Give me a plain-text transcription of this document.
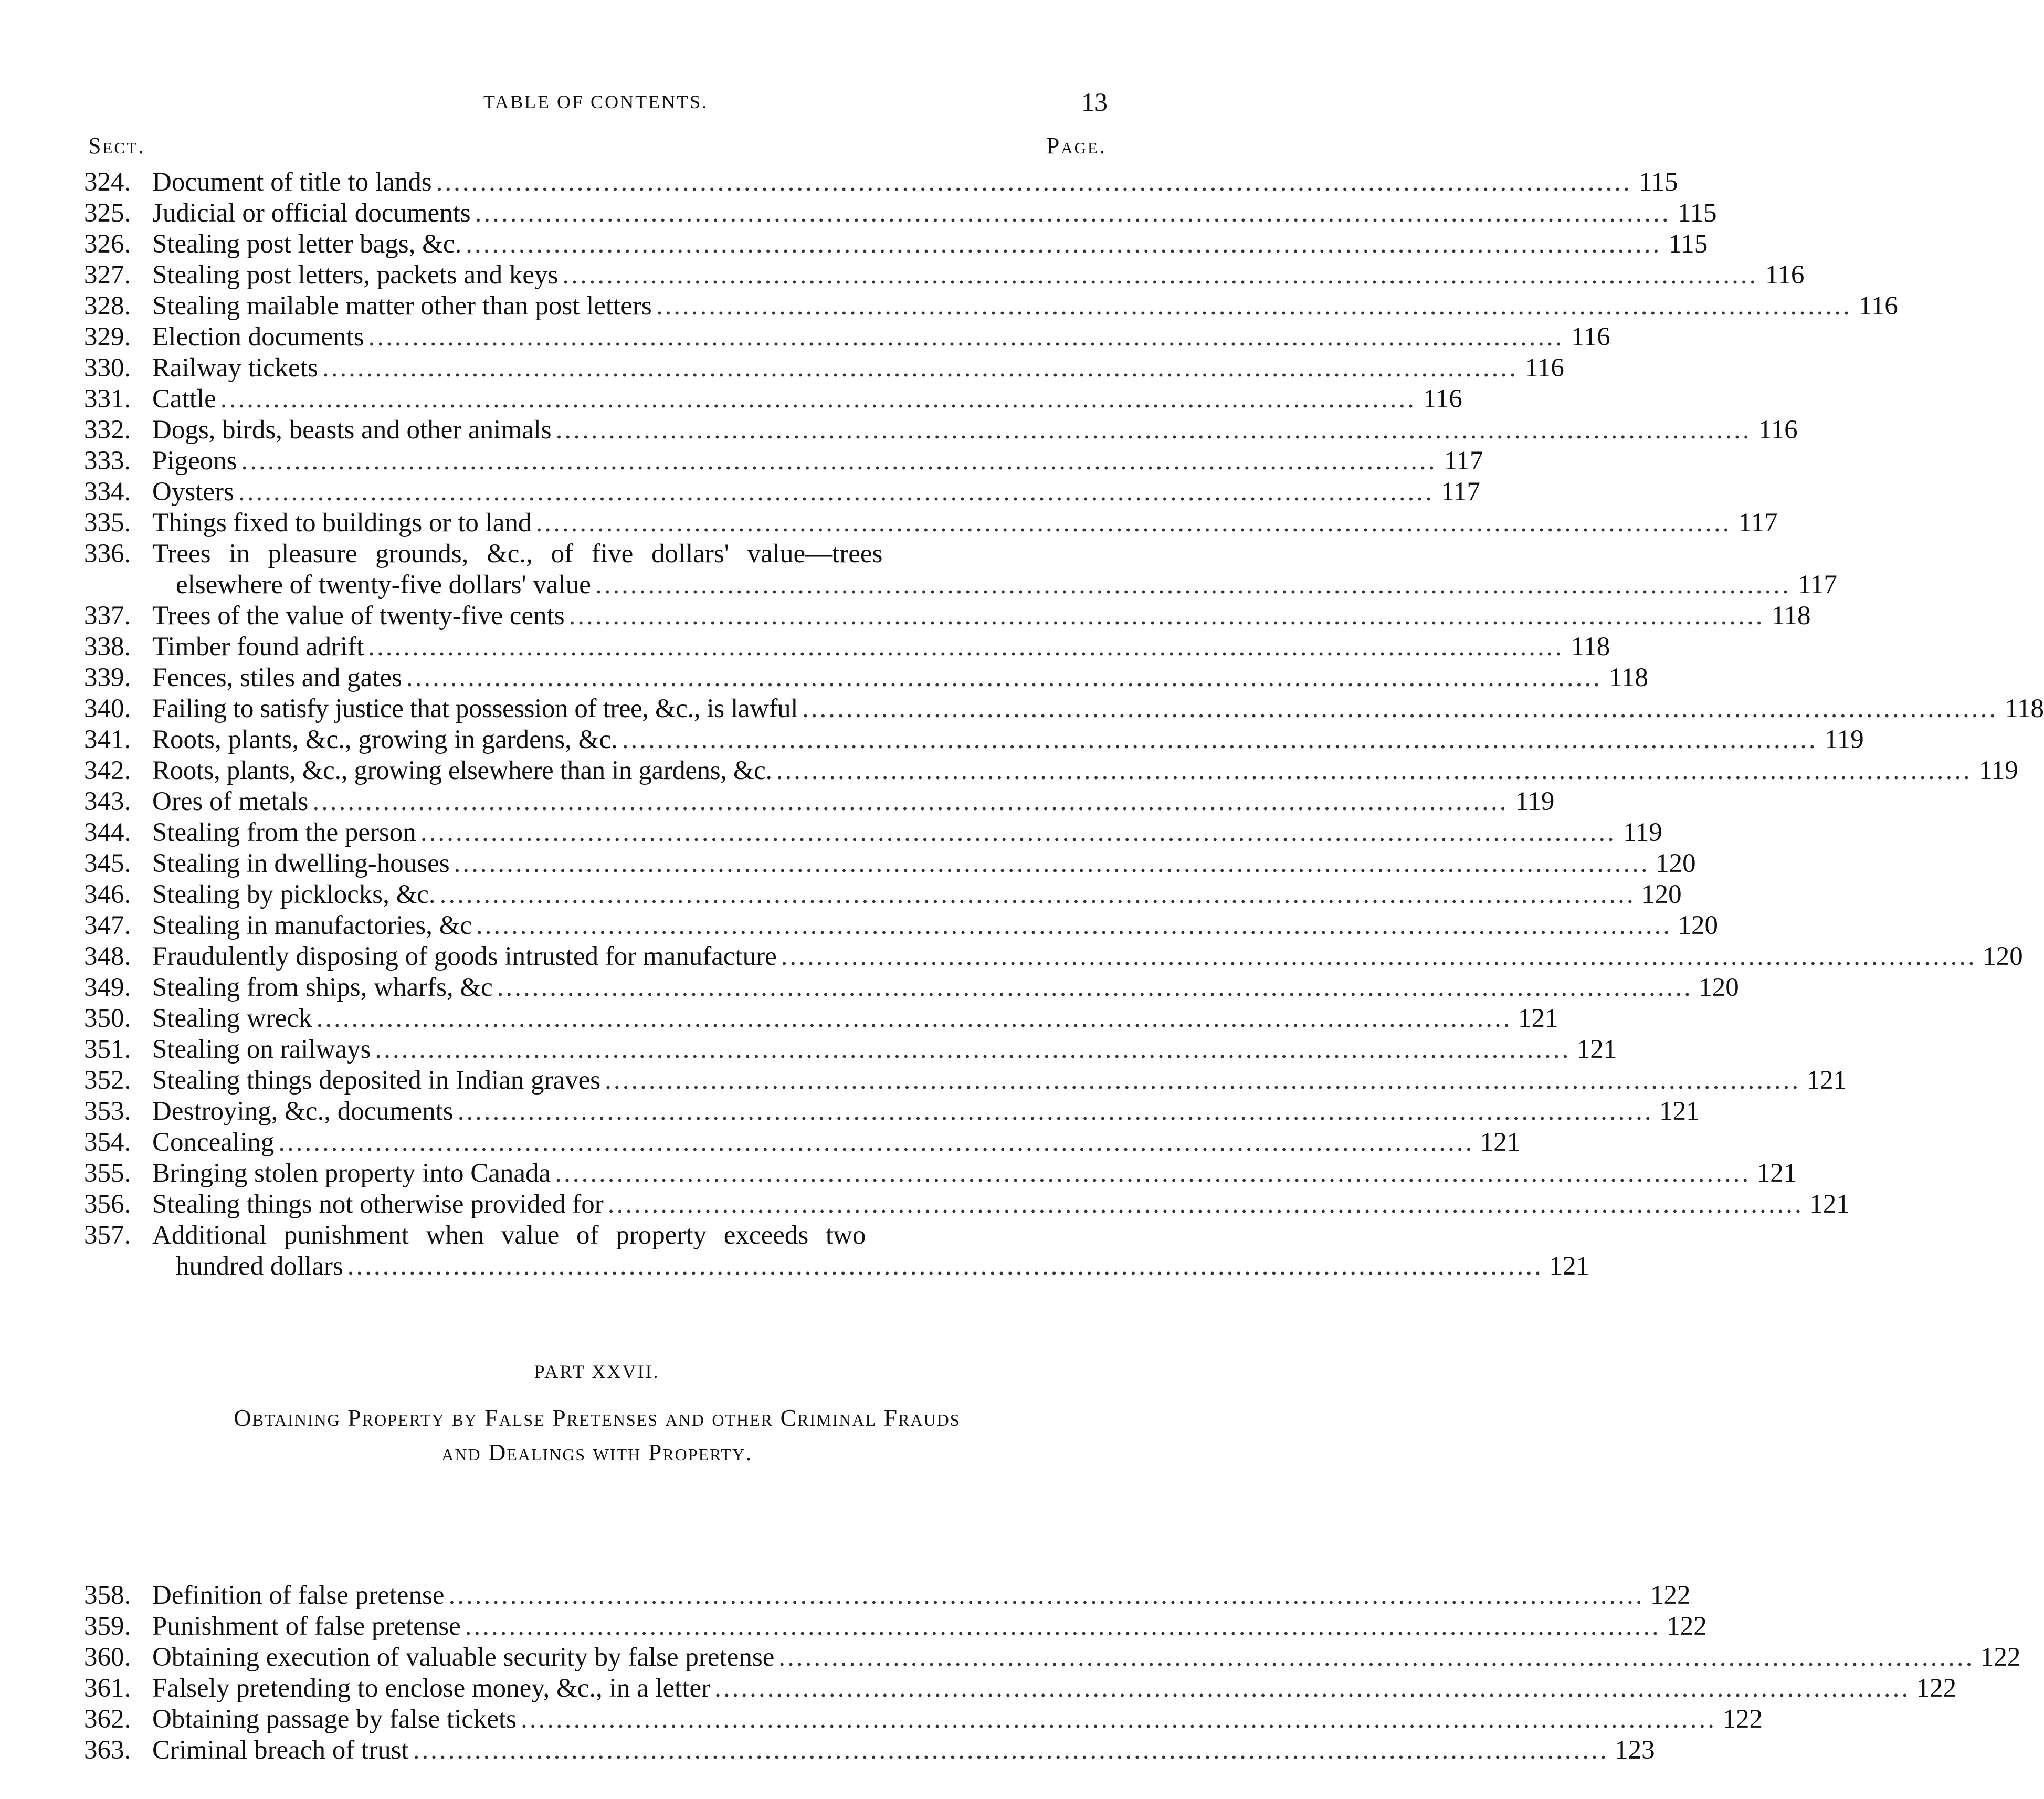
TABLE OF CONTENTS.	13
Sect.	Page.
324. Document of title to lands ........................................................................................................................................ 115
325. Judicial or official documents ........................................................................................................................................ 115
326. Stealing post letter bags, &c. ........................................................................................................................................ 115
327. Stealing post letters, packets and keys ........................................................................................................................................ 116
328. Stealing mailable matter other than post letters ........................................................................................................................................ 116
329. Election documents ........................................................................................................................................ 116
330. Railway tickets ........................................................................................................................................ 116
331. Cattle ........................................................................................................................................ 116
332. Dogs, birds, beasts and other animals ........................................................................................................................................ 116
333. Pigeons ........................................................................................................................................ 117
334. Oysters ........................................................................................................................................ 117
335. Things fixed to buildings or to land ........................................................................................................................................ 117
336. Trees in pleasure grounds, &c., of five dollars' value—trees
elsewhere of twenty-five dollars' value ........................................................................................................................................ 117
337. Trees of the value of twenty-five cents ........................................................................................................................................ 118
338. Timber found adrift ........................................................................................................................................ 118
339. Fences, stiles and gates ........................................................................................................................................ 118
340. Failing to satisfy justice that possession of tree, &c., is lawful ........................................................................................................................................ 118
341. Roots, plants, &c., growing in gardens, &c. ........................................................................................................................................ 119
342. Roots, plants, &c., growing elsewhere than in gardens, &c. ........................................................................................................................................ 119
343. Ores of metals ........................................................................................................................................ 119
344. Stealing from the person ........................................................................................................................................ 119
345. Stealing in dwelling-houses ........................................................................................................................................ 120
346. Stealing by picklocks, &c. ........................................................................................................................................ 120
347. Stealing in manufactories, &c ........................................................................................................................................ 120
348. Fraudulently disposing of goods intrusted for manufacture ........................................................................................................................................ 120
349. Stealing from ships, wharfs, &c ........................................................................................................................................ 120
350. Stealing wreck ........................................................................................................................................ 121
351. Stealing on railways ........................................................................................................................................ 121
352. Stealing things deposited in Indian graves ........................................................................................................................................ 121
353. Destroying, &c., documents ........................................................................................................................................ 121
354. Concealing ........................................................................................................................................ 121
355. Bringing stolen property into Canada ........................................................................................................................................ 121
356. Stealing things not otherwise provided for ........................................................................................................................................ 121
357. Additional punishment when value of property exceeds two
hundred dollars ........................................................................................................................................ 121
PART XXVII.
Obtaining Property by False Pretenses and other Criminal Frauds
and Dealings with Property.
358. Definition of false pretense ........................................................................................................................................ 122
359. Punishment of false pretense ........................................................................................................................................ 122
360. Obtaining execution of valuable security by false pretense ........................................................................................................................................ 122
361. Falsely pretending to enclose money, &c., in a letter ........................................................................................................................................ 122
362. Obtaining passage by false tickets ........................................................................................................................................ 122
363. Criminal breach of trust ........................................................................................................................................ 123
